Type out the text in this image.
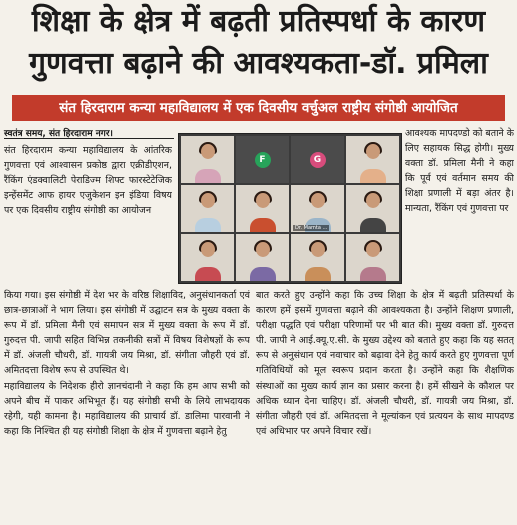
शिक्षा के क्षेत्र में बढ़ती प्रतिस्पर्धा के कारण
गुणवत्ता बढ़ाने की आवश्यकता-डॉ. प्रमिला
संत हिरदाराम कन्या महाविद्यालय में एक दिवसीय वर्चुअल राष्ट्रीय संगोष्ठी आयोजित
स्वतंत्र समय, संत हिरदाराम नगर।

संत हिरदाराम कन्या महाविद्यालय के आंतरिक गुणवत्ता एवं आश्वासन प्रकोष्ठ द्वारा एक्रीडीएशन, रैंकिंग एंडक्वालिटी पेराडिज्म शिफ्ट फारस्टेटेजिक इन्हेंसमेंट आफ हायर एजुकेशन इन इंडिया विषय पर एक दिवसीय राष्ट्रीय संगोष्ठी का आयोजन

F	G
Dr. Mamta ...

आवश्यक मापदण्डो को बताने के लिए सहायक सिद्ध होगी। मुख्य वक्ता डॉ. प्रमिला मैनी ने कहा कि पूर्व एवं वर्तमान समय की शिक्षा प्रणाली में बड़ा अंतर है। मान्यता, रैंकिंग एवं गुणवत्ता पर

किया गया। इस संगोष्ठी में देश भर के वरिष्ठ शिक्षाविद, अनुसंधानकर्ता एवं छात्र-छात्राओं ने भाग लिया। इस संगोष्ठी में उद्घाटन सत्र के मुख्य वक्ता के रूप में डॉ. प्रमिला मैनी एवं समापन सत्र में मुख्य वक्ता के रूप में डॉ. गुरुदत्त पी. जापी सहित विभिन्न तकनीकी सत्रों में विषय विशेषज्ञों के रूप में डॉ. अंजली चौधरी, डॉ. गायत्री जय मिश्रा, डॉ. संगीता जौहरी एवं डॉ. अमितदत्ता विशेष रूप से उपस्थित थे।

महाविद्यालय के निदेशक हीरो ज्ञानचंदानी ने कहा कि हम आप सभी को अपने बीच में पाकर अभिभूत हैं। यह संगोष्ठी सभी के लिये लाभदायक रहेगी, यही कामना है। महाविद्यालय की प्राचार्य डॉ. डालिमा पारवानी ने कहा कि निश्चित ही यह संगोष्ठी शिक्षा के क्षेत्र में गुणवत्ता बढ़ाने हेतु

बात करते हुए उन्होंने कहा कि उच्च शिक्षा के क्षेत्र में बढ़ती प्रतिस्पर्धा के कारण हमें इसमें गुणवत्ता बढ़ाने की आवश्यकता है। उन्होंने शिक्षण प्रणाली, परीक्षा पद्धति एवं परीक्षा परिणामों पर भी बात की। मुख्य वक्ता डॉ. गुरुदत्त पी. जापी ने आई.क्यू.ए.सी. के मुख्य उद्देश्य को बताते हुए कहा कि यह सतत् रूप से अनुसंधान एवं नवाचार को बढ़ावा देने हेतु कार्य करते हुए गुणवत्ता पूर्ण गतिविधियों को मूल स्वरूप प्रदान करता है। उन्होंने कहा कि शैक्षणिक संस्थाओं का मुख्य कार्य ज्ञान का प्रसार करना है। हमें सीखने के कौशल पर अधिक ध्यान देना चाहिए। डॉ. अंजली चौधरी, डॉ. गायत्री जय मिश्रा, डॉ. संगीता जौहरी एवं डॉ. अमितदत्ता ने मूल्यांकन एवं प्रत्ययन के साथ मापदण्ड एवं अधिभार पर अपने विचार रखें।
